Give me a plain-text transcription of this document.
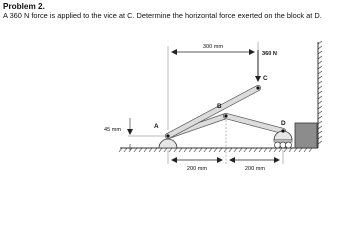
Problem 2.
A 360 N force is applied to the vice at C. Determine the horizontal force exerted on the block at D.
300 mm
360 N
45 mm
200 mm	200 mm
A
B
C
D
